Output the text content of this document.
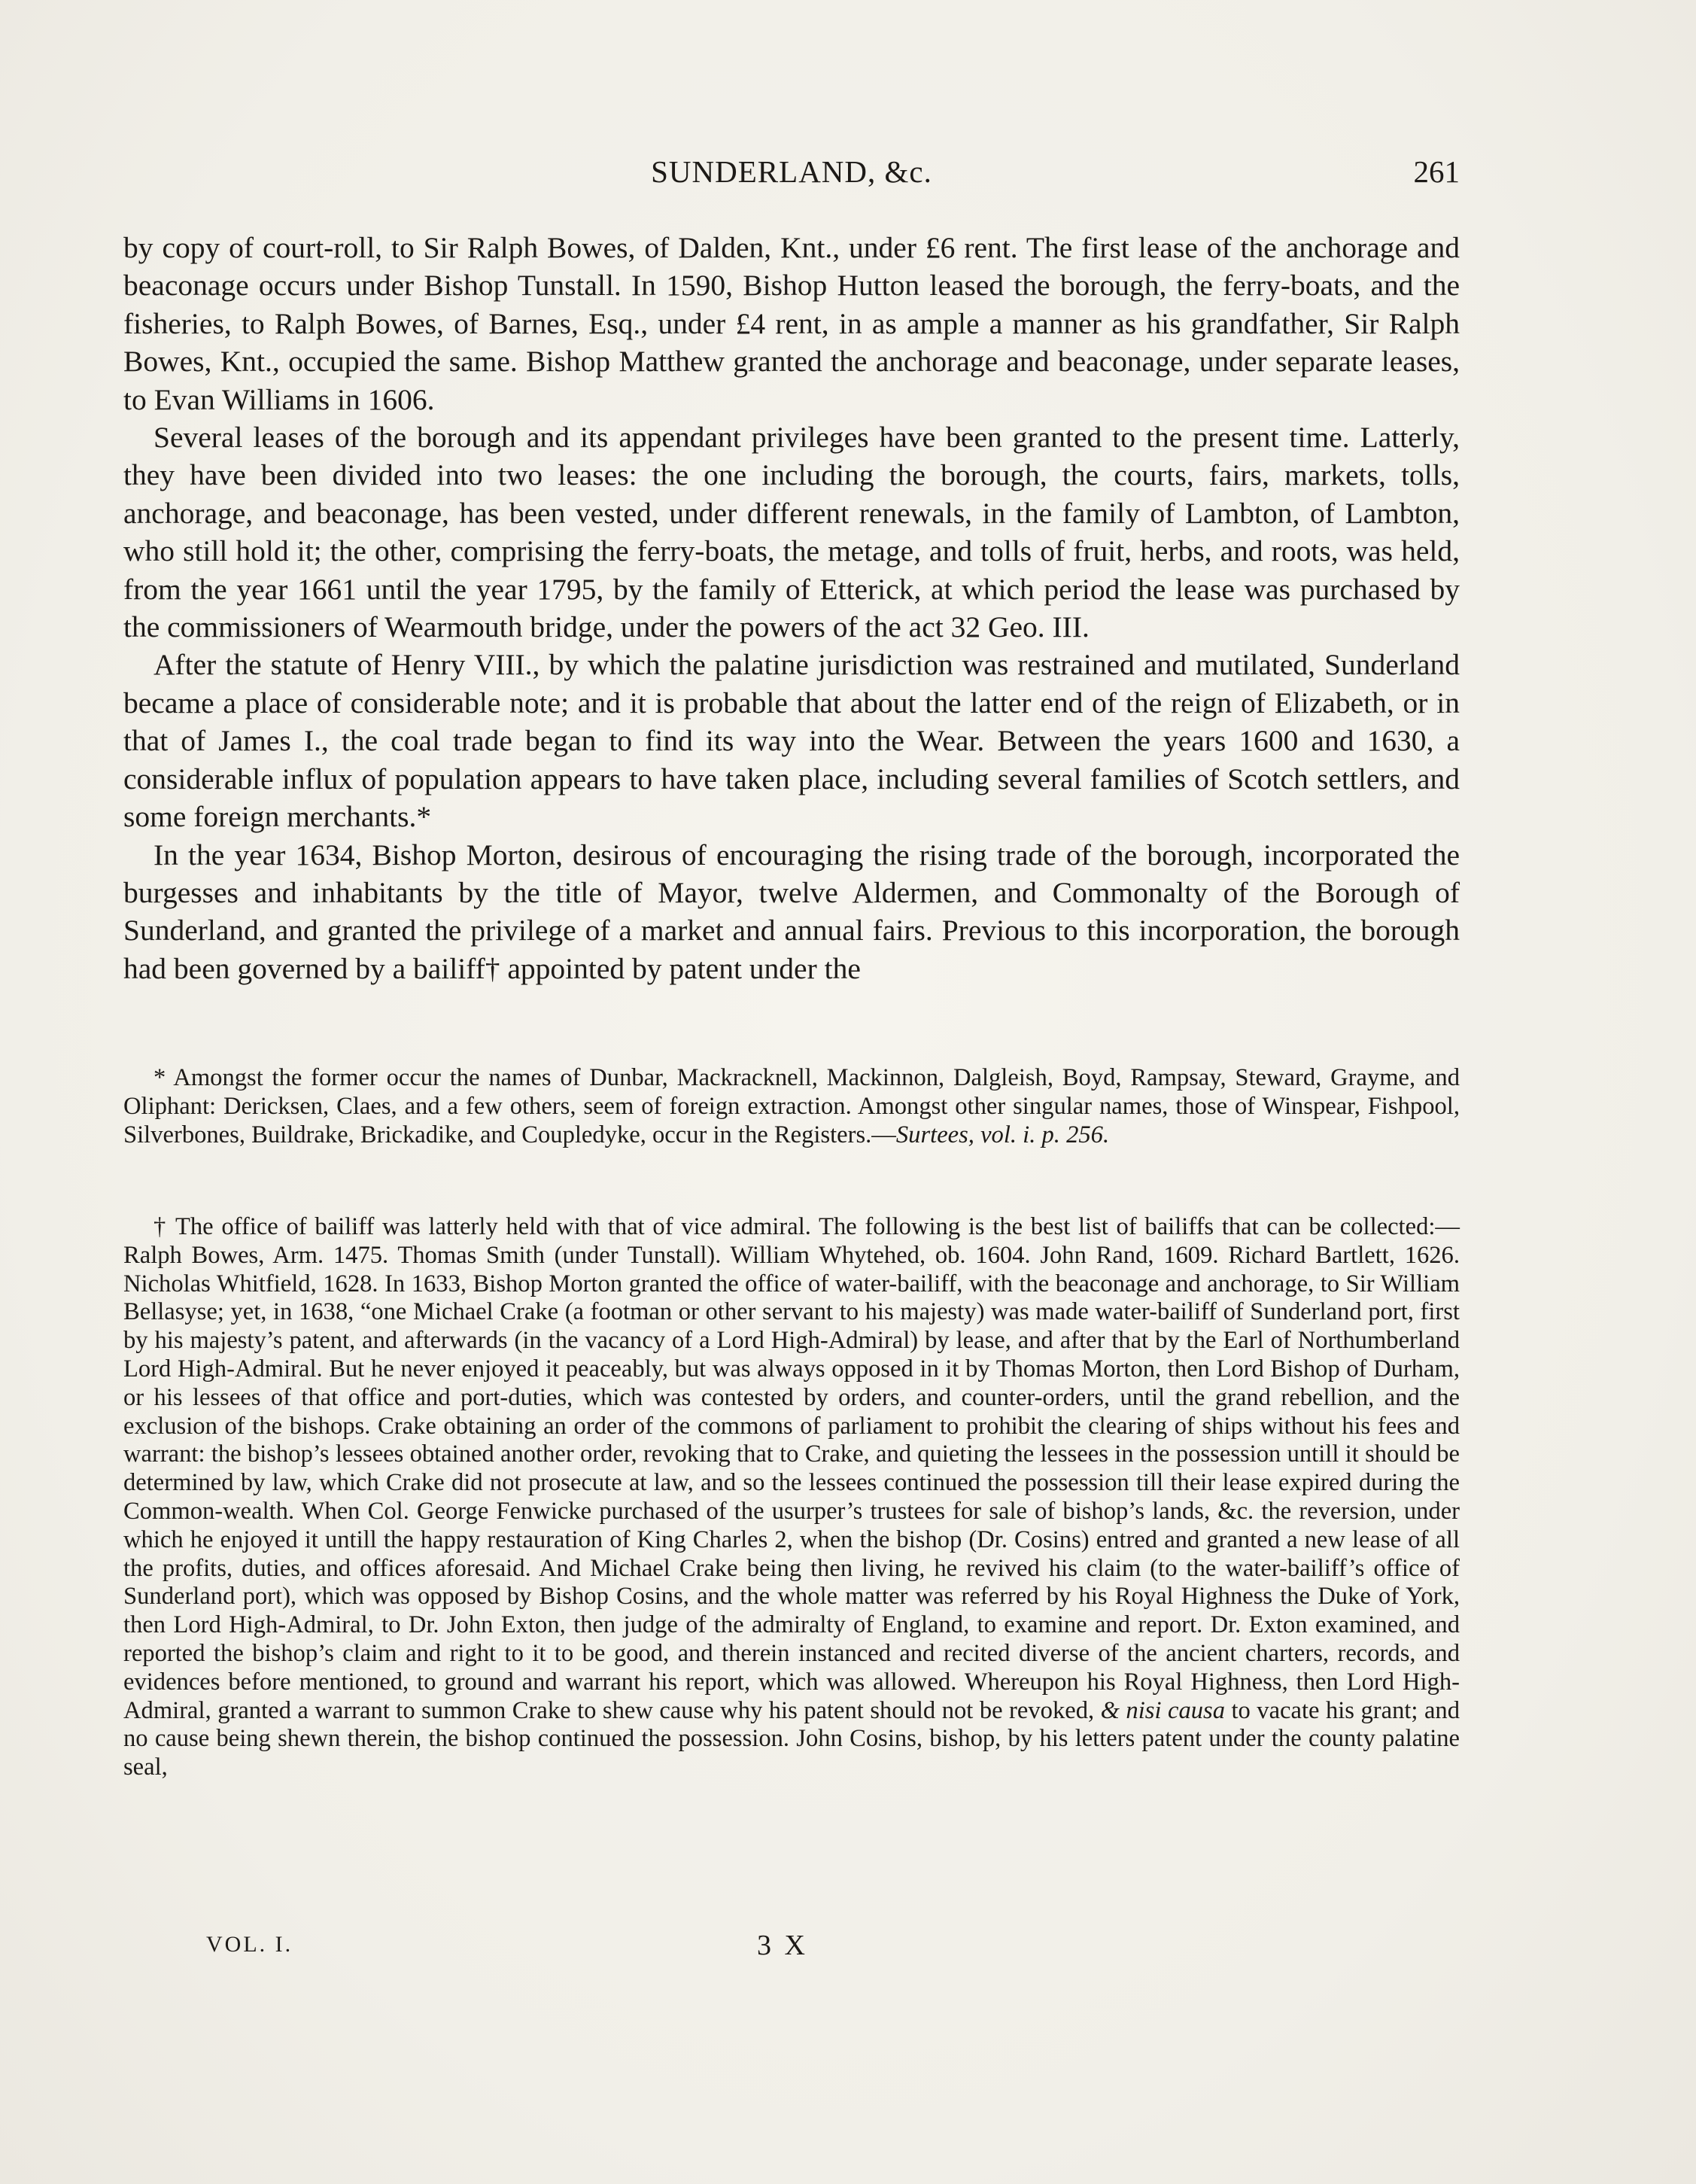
SUNDERLAND, &c.	261

by copy of court-roll, to Sir Ralph Bowes, of Dalden, Knt., under £6 rent. The first lease of the anchorage and beaconage occurs under Bishop Tunstall. In 1590, Bishop Hutton leased the borough, the ferry-boats, and the fisheries, to Ralph Bowes, of Barnes, Esq., under £4 rent, in as ample a manner as his grandfather, Sir Ralph Bowes, Knt., occupied the same. Bishop Matthew granted the anchorage and beaconage, under separate leases, to Evan Williams in 1606.

Several leases of the borough and its appendant privileges have been granted to the present time. Latterly, they have been divided into two leases: the one including the borough, the courts, fairs, markets, tolls, anchorage, and beaconage, has been vested, under different renewals, in the family of Lambton, of Lambton, who still hold it; the other, comprising the ferry-boats, the metage, and tolls of fruit, herbs, and roots, was held, from the year 1661 until the year 1795, by the family of Etterick, at which period the lease was purchased by the commissioners of Wearmouth bridge, under the powers of the act 32 Geo. III.

After the statute of Henry VIII., by which the palatine jurisdiction was restrained and mutilated, Sunderland became a place of considerable note; and it is probable that about the latter end of the reign of Elizabeth, or in that of James I., the coal trade began to find its way into the Wear. Between the years 1600 and 1630, a considerable influx of population appears to have taken place, including several families of Scotch settlers, and some foreign merchants.*

In the year 1634, Bishop Morton, desirous of encouraging the rising trade of the borough, incorporated the burgesses and inhabitants by the title of Mayor, twelve Aldermen, and Commonalty of the Borough of Sunderland, and granted the privilege of a market and annual fairs. Previous to this incorporation, the borough had been governed by a bailiff† appointed by patent under the

* Amongst the former occur the names of Dunbar, Mackracknell, Mackinnon, Dalgleish, Boyd, Rampsay, Steward, Grayme, and Oliphant: Dericksen, Claes, and a few others, seem of foreign extraction. Amongst other singular names, those of Winspear, Fishpool, Silverbones, Buildrake, Brickadike, and Coupledyke, occur in the Registers.—Surtees, vol. i. p. 256.

† The office of bailiff was latterly held with that of vice admiral. The following is the best list of bailiffs that can be collected:—Ralph Bowes, Arm. 1475. Thomas Smith (under Tunstall). William Whytehed, ob. 1604. John Rand, 1609. Richard Bartlett, 1626. Nicholas Whitfield, 1628. In 1633, Bishop Morton granted the office of water-bailiff, with the beaconage and anchorage, to Sir William Bellasyse; yet, in 1638, “one Michael Crake (a footman or other servant to his majesty) was made water-bailiff of Sunderland port, first by his majesty’s patent, and afterwards (in the vacancy of a Lord High-Admiral) by lease, and after that by the Earl of Northumberland Lord High-Admiral. But he never enjoyed it peaceably, but was always opposed in it by Thomas Morton, then Lord Bishop of Durham, or his lessees of that office and port-duties, which was contested by orders, and counter-orders, until the grand rebellion, and the exclusion of the bishops. Crake obtaining an order of the commons of parliament to prohibit the clearing of ships without his fees and warrant: the bishop’s lessees obtained another order, revoking that to Crake, and quieting the lessees in the possession untill it should be determined by law, which Crake did not prosecute at law, and so the lessees continued the possession till their lease expired during the Common-wealth. When Col. George Fenwicke purchased of the usurper’s trustees for sale of bishop’s lands, &c. the reversion, under which he enjoyed it untill the happy restauration of King Charles 2, when the bishop (Dr. Cosins) entred and granted a new lease of all the profits, duties, and offices aforesaid. And Michael Crake being then living, he revived his claim (to the water-bailiff’s office of Sunderland port), which was opposed by Bishop Cosins, and the whole matter was referred by his Royal Highness the Duke of York, then Lord High-Admiral, to Dr. John Exton, then judge of the admiralty of England, to examine and report. Dr. Exton examined, and reported the bishop’s claim and right to it to be good, and therein instanced and recited diverse of the ancient charters, records, and evidences before mentioned, to ground and warrant his report, which was allowed. Whereupon his Royal Highness, then Lord High-Admiral, granted a warrant to summon Crake to shew cause why his patent should not be revoked, & nisi causa to vacate his grant; and no cause being shewn therein, the bishop continued the possession. John Cosins, bishop, by his letters patent under the county palatine seal,

VOL. I.	3 X
